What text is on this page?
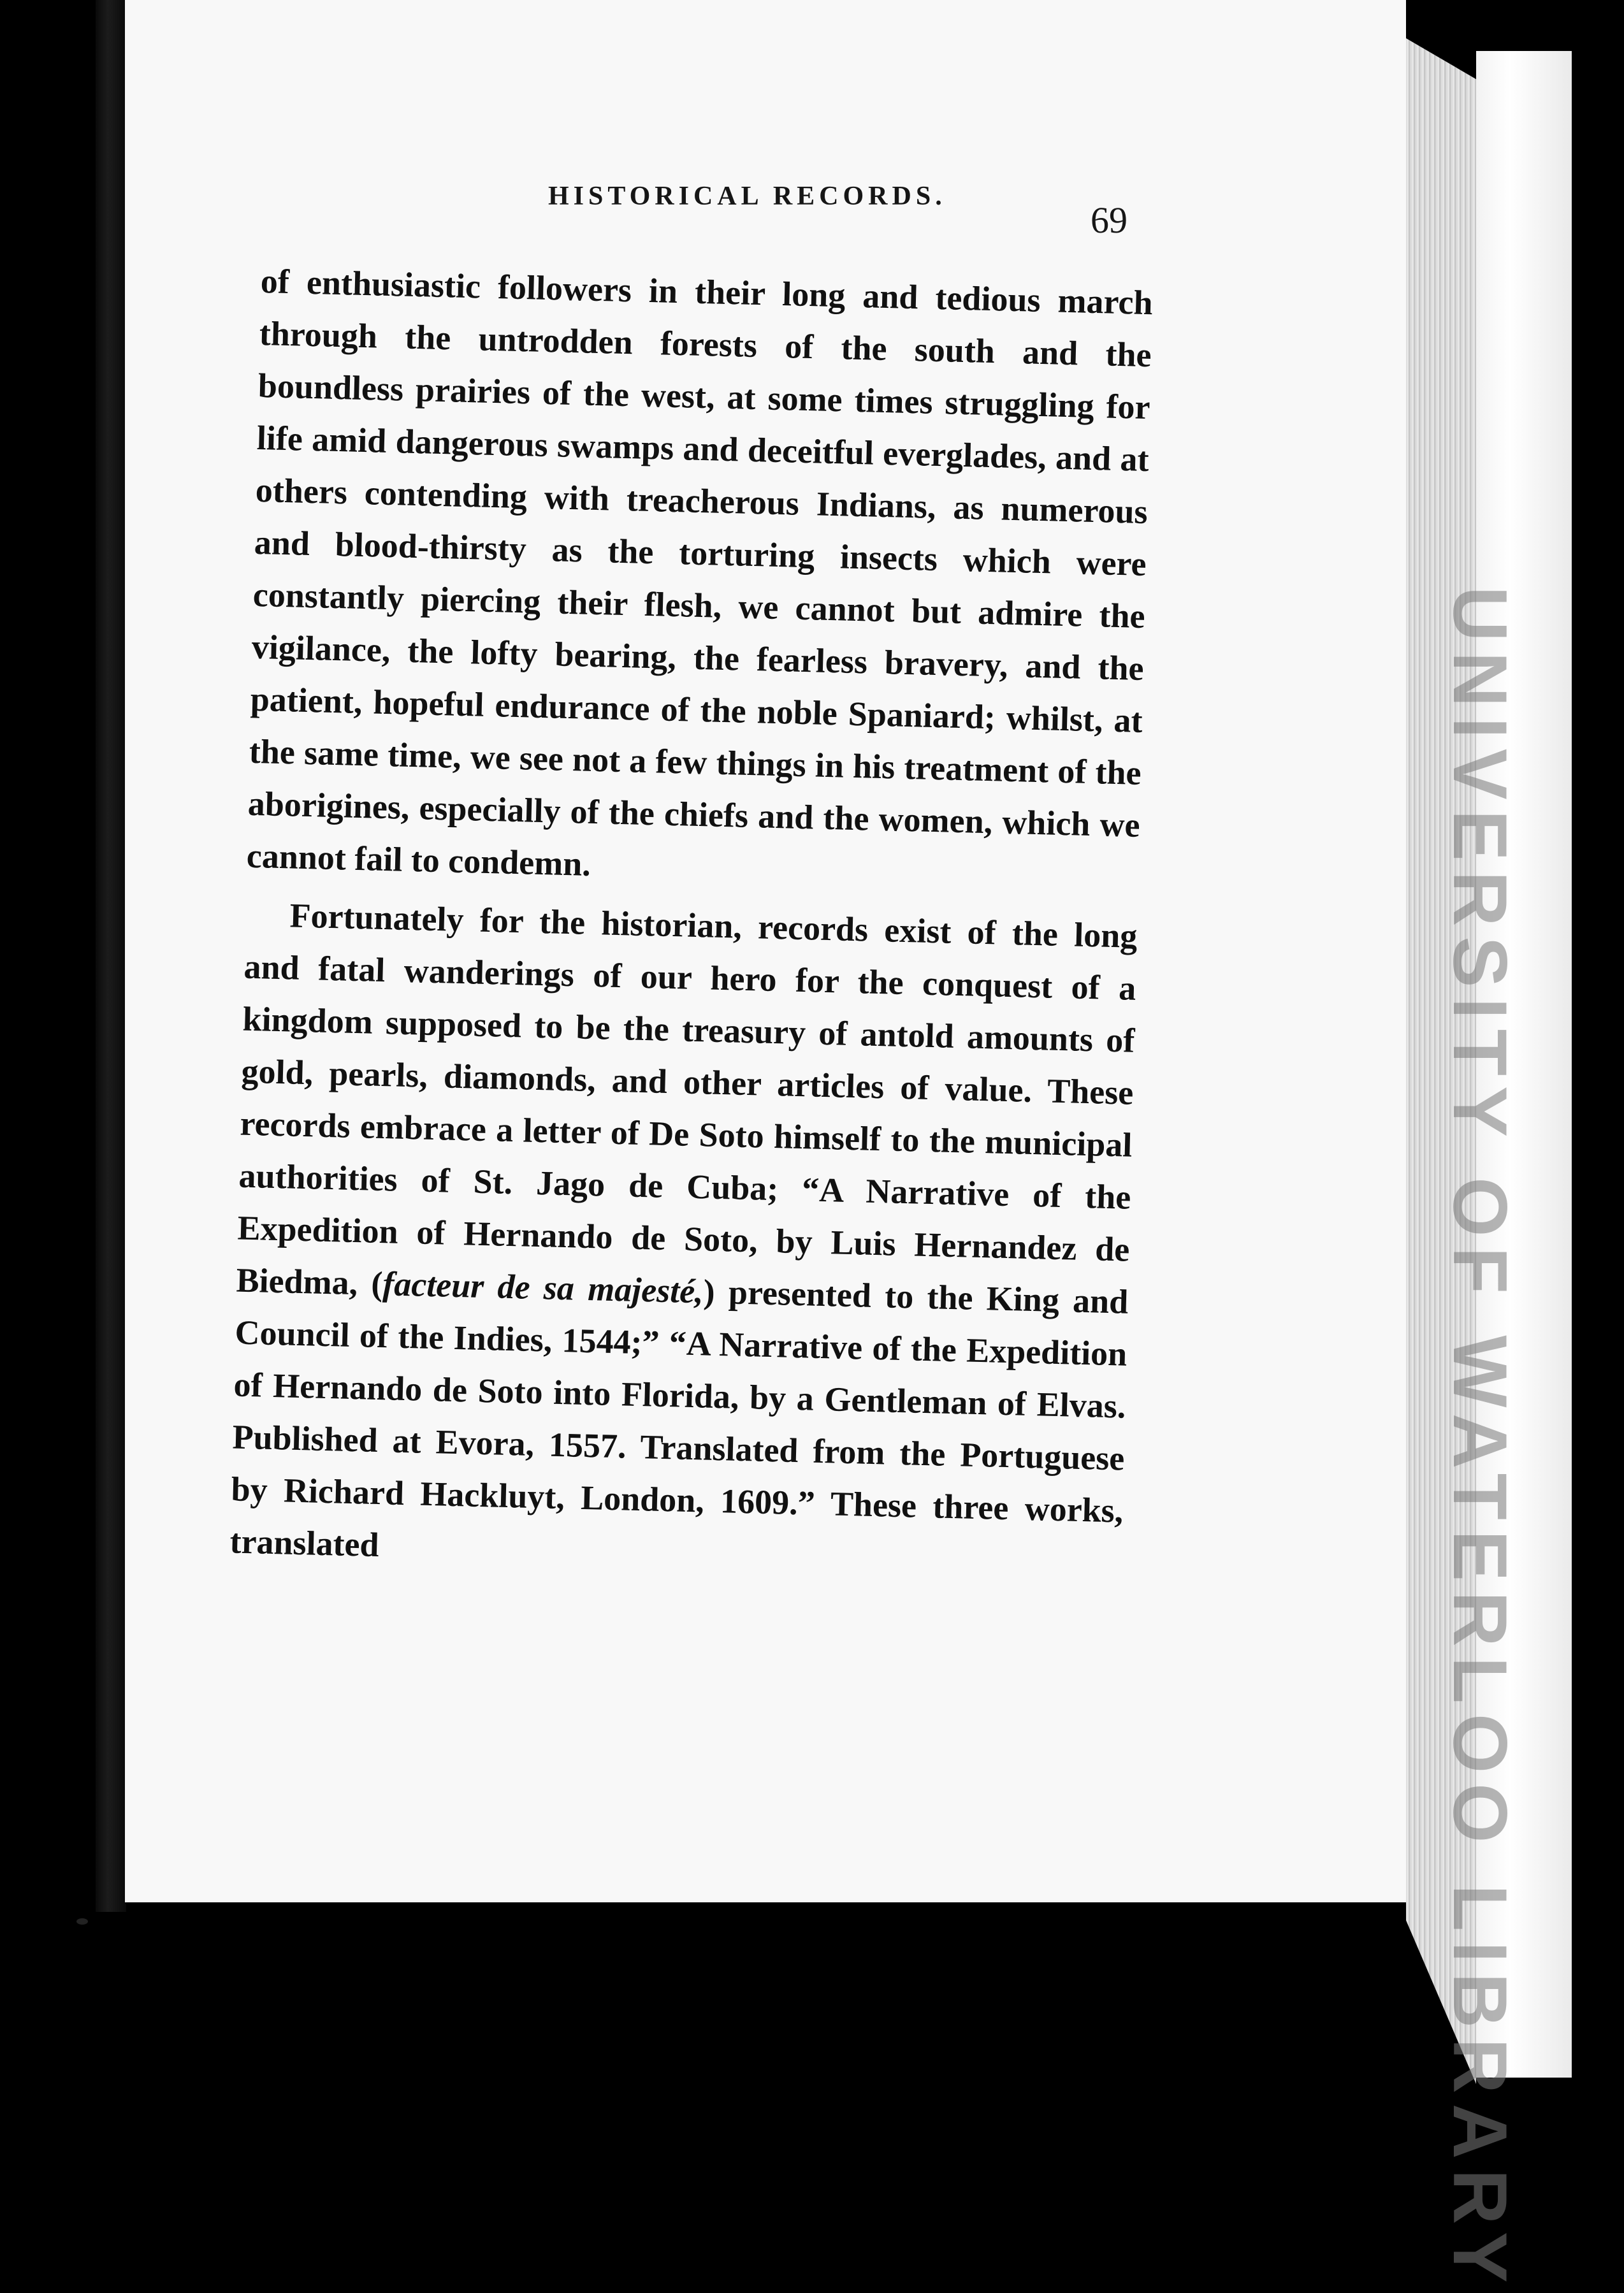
UNIVERSITY OF WATERLOO LIBRARY
HISTORICAL RECORDS.
69

of enthusiastic followers in their long and tedious march through the untrodden forests of the south and the boundless prairies of the west, at some times struggling for life amid dangerous swamps and deceitful everglades, and at others contending with treacherous Indians, as numerous and blood-thirsty as the torturing insects which were constantly piercing their flesh, we cannot but admire the vigilance, the lofty bearing, the fearless bravery, and the patient, hopeful endurance of the noble Spaniard; whilst, at the same time, we see not a few things in his treatment of the aborigines, especially of the chiefs and the women, which we cannot fail to condemn.

Fortunately for the historian, records exist of the long and fatal wanderings of our hero for the conquest of a kingdom supposed to be the treasury of antold amounts of gold, pearls, diamonds, and other articles of value. These records embrace a letter of De Soto himself to the municipal authorities of St. Jago de Cuba; “A Narrative of the Expedition of Hernando de Soto, by Luis Hernandez de Biedma, (facteur de sa majesté,) presented to the King and Council of the Indies, 1544;” “A Narrative of the Expedition of Hernando de Soto into Florida, by a Gentleman of Elvas. Published at Evora, 1557. Translated from the Portuguese by Richard Hackluyt, London, 1609.” These three works, translated
